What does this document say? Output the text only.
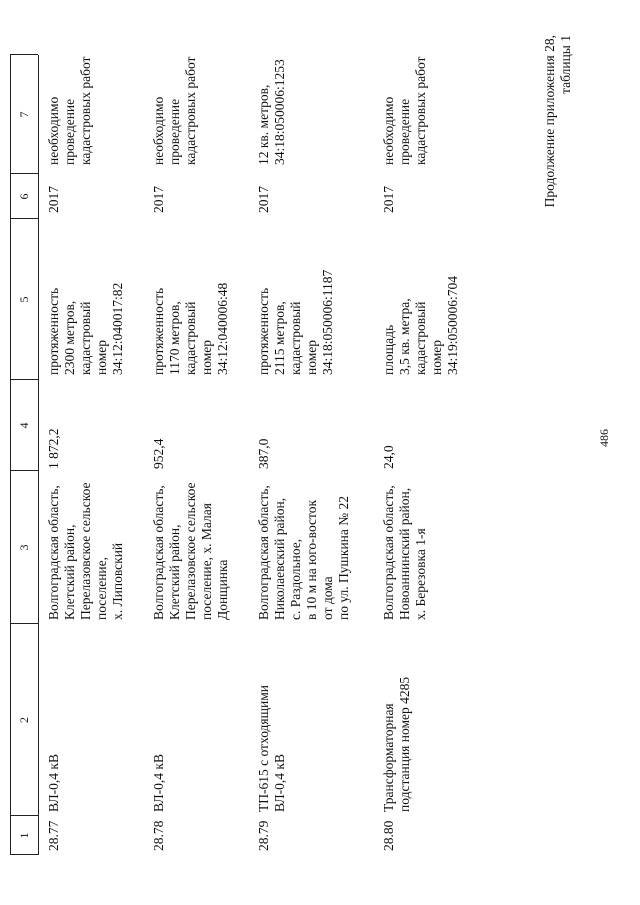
486
Продолжение приложения 28, таблицы 1
1
2
3
4
5
6
7
28.77
ВЛ-0,4 кВ
Волгоградская область, Клетский район, Перелазовское сельское поселение, х. Липовский
1 872,2
протяженность 2300 метров, кадастровый номер 34:12:040017:82
2017
необходимо проведение кадастровых работ
28.78
ВЛ-0,4 кВ
Волгоградская область, Клетский район, Перелазовское сельское поселение, х. Малая Донщинка
952,4
протяженность 1170 метров, кадастровый номер 34:12:040006:48
2017
необходимо проведение кадастровых работ
28.79
ТП-615 с отходящими ВЛ-0,4 кВ
Волгоградская область, Николаевский район, с. Раздольное, в 10 м на юго-восток от дома по ул. Пушкина № 22
387,0
протяженность 2115 метров, кадастровый номер 34:18:050006:1187
2017
12 кв. метров, 34:18:050006:1253
28.80
Трансформаторная подстанция номер 4285
Волгоградская область, Новоаннинский район, х. Березовка 1-я
24,0
площадь 3,5 кв. метра, кадастровый номер 34:19:050006:704
2017
необходимо проведение кадастровых работ
